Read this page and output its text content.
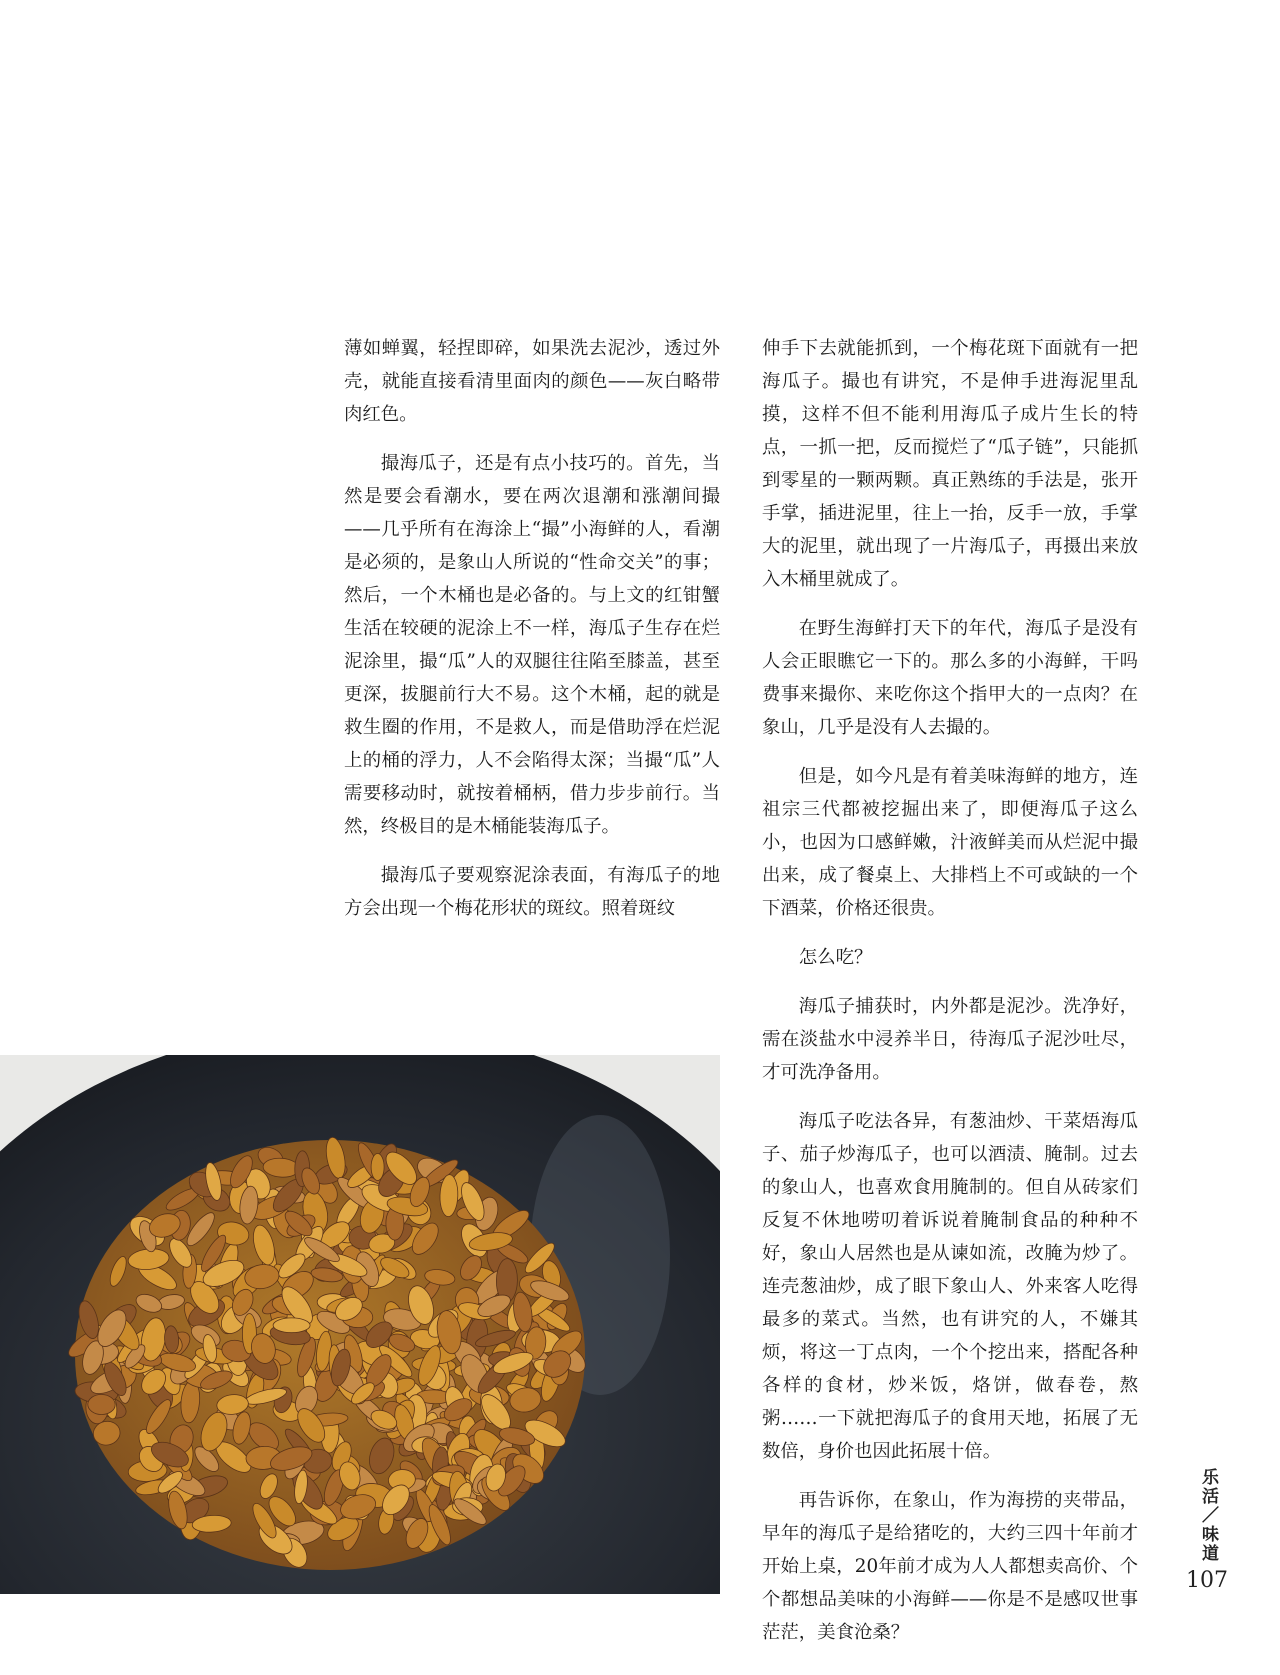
薄如蝉翼，轻捏即碎，如果洗去泥沙，透过外壳，就能直接看清里面肉的颜色——灰白略带肉红色。

撮海瓜子，还是有点小技巧的。首先，当然是要会看潮水，要在两次退潮和涨潮间撮——几乎所有在海涂上“撮”小海鲜的人，看潮是必须的，是象山人所说的“性命交关”的事；然后，一个木桶也是必备的。与上文的红钳蟹生活在较硬的泥涂上不一样，海瓜子生存在烂泥涂里，撮“瓜”人的双腿往往陷至膝盖，甚至更深，拔腿前行大不易。这个木桶，起的就是救生圈的作用，不是救人，而是借助浮在烂泥上的桶的浮力，人不会陷得太深；当撮“瓜”人需要移动时，就按着桶柄，借力步步前行。当然，终极目的是木桶能装海瓜子。

撮海瓜子要观察泥涂表面，有海瓜子的地方会出现一个梅花形状的斑纹。照着斑纹

伸手下去就能抓到，一个梅花斑下面就有一把海瓜子。撮也有讲究，不是伸手进海泥里乱摸，这样不但不能利用海瓜子成片生长的特点，一抓一把，反而搅烂了“瓜子链”，只能抓到零星的一颗两颗。真正熟练的手法是，张开手掌，插进泥里，往上一抬，反手一放，手掌大的泥里，就出现了一片海瓜子，再摄出来放入木桶里就成了。

在野生海鲜打天下的年代，海瓜子是没有人会正眼瞧它一下的。那么多的小海鲜，干吗费事来撮你、来吃你这个指甲大的一点肉？在象山，几乎是没有人去撮的。

但是，如今凡是有着美味海鲜的地方，连祖宗三代都被挖掘出来了，即便海瓜子这么小，也因为口感鲜嫩，汁液鲜美而从烂泥中撮出来，成了餐桌上、大排档上不可或缺的一个下酒菜，价格还很贵。

怎么吃？

海瓜子捕获时，内外都是泥沙。洗净好，需在淡盐水中浸养半日，待海瓜子泥沙吐尽，才可洗净备用。

海瓜子吃法各异，有葱油炒、干菜焐海瓜子、茄子炒海瓜子，也可以酒渍、腌制。过去的象山人，也喜欢食用腌制的。但自从砖家们反复不休地唠叨着诉说着腌制食品的种种不好，象山人居然也是从谏如流，改腌为炒了。连壳葱油炒，成了眼下象山人、外来客人吃得最多的菜式。当然，也有讲究的人，不嫌其烦，将这一丁点肉，一个个挖出来，搭配各种各样的食材，炒米饭，烙饼，做春卷，熬粥……一下就把海瓜子的食用天地，拓展了无数倍，身价也因此拓展十倍。

再告诉你，在象山，作为海捞的夹带品，早年的海瓜子是给猪吃的，大约三四十年前才开始上桌，20年前才成为人人都想卖高价、个个都想品美味的小海鲜——你是不是感叹世事茫茫，美食沧桑？

乐活／味道
107
